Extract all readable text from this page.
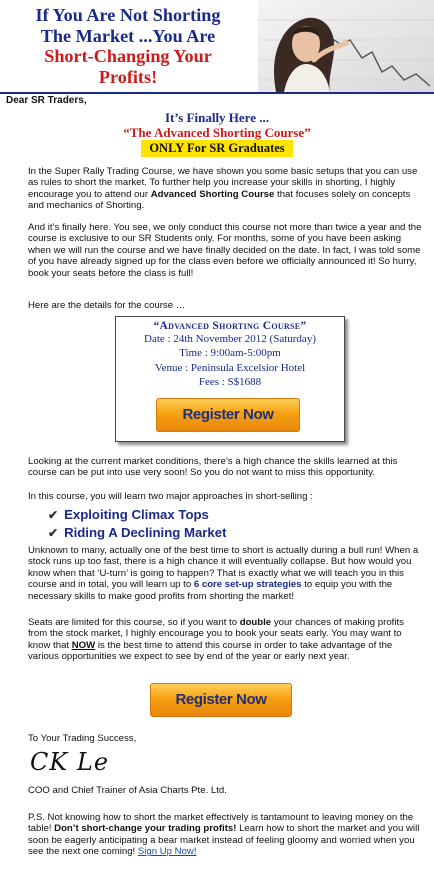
If You Are Not Shorting
The Market ...You Are
Short-Changing Your
Profits!
Dear SR Traders,
It’s Finally Here ...
“The Advanced Shorting Course”
ONLY For SR Graduates
In the Super Rally Trading Course, we have shown you some basic setups that you can use as rules to short the market. To further help you increase your skills in shorting, I highly encourage you to attend our Advanced Shorting Course that focuses solely on concepts and mechanics of Shorting.
And it’s finally here. You see, we only conduct this course not more than twice a year and the course is exclusive to our SR Students only. For months, some of you have been asking when we will run the course and we have finally decided on the date. In fact, I was told some of you have already signed up for the class even before we officially announced it! So hurry, book your seats before the class is full!
Here are the details for the course …
“Advanced Shorting Course”
Date : 24th November 2012 (Saturday)
Time : 9:00am-5:00pm
Venue : Peninsula Excelsior Hotel
Fees : S$1688
Register Now
Looking at the current market conditions, there’s a high chance the skills learned at this course can be put into use very soon! So you do not want to miss this opportunity.
In this course, you will learn two major approaches in short-selling :
✔ Exploiting Climax Tops
✔ Riding A Declining Market
Unknown to many, actually one of the best time to short is actually during a bull run! When a stock runs up too fast, there is a high chance it will eventually collapse. But how would you know when that ‘U-turn’ is going to happen? That is exactly what we will teach you in this course and in total, you will learn up to 6 core set-up strategies to equip you with the necessary skills to make good profits from shorting the market!
Seats are limited for this course, so if you want to double your chances of making profits from the stock market, I highly encourage you to book your seats early. You may want to know that NOW is the best time to attend this course in order to take advantage of the various opportunities we expect to see by end of the year or early next year.
Register Now
To Your Trading Success,
CK Le
COO and Chief Trainer of Asia Charts Pte. Ltd.
P.S. Not knowing how to short the market effectively is tantamount to leaving money on the table! Don’t short-change your trading profits! Learn how to short the market and you will soon be eagerly anticipating a bear market instead of feeling gloomy and worried when you see the next one coming! Sign Up Now!
